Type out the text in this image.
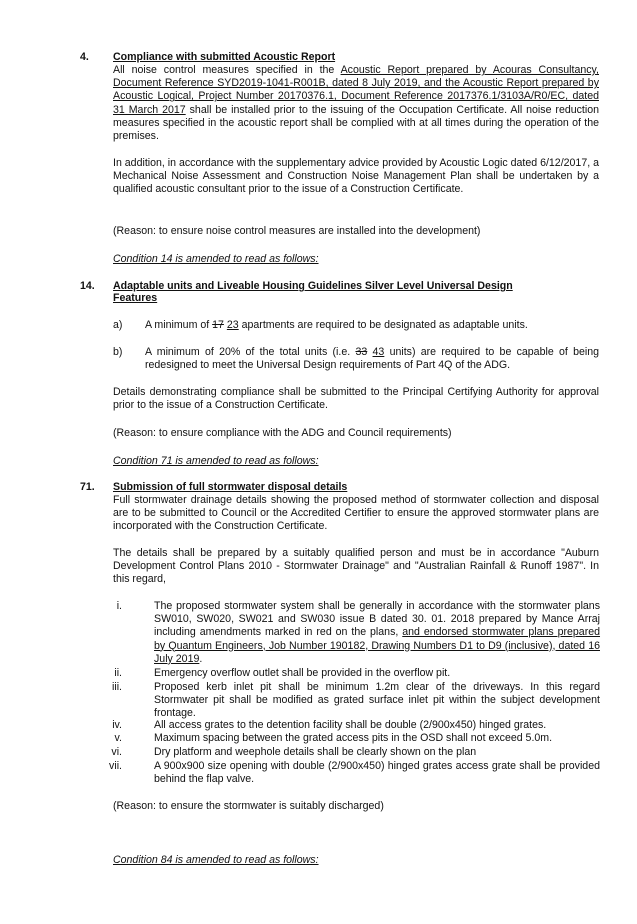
4. Compliance with submitted Acoustic Report
All noise control measures specified in the Acoustic Report prepared by Acouras Consultancy, Document Reference SYD2019-1041-R001B, dated 8 July 2019, and the Acoustic Report prepared by Acoustic Logical, Project Number 20170376.1, Document Reference 2017376.1/3103A/R0/EC, dated 31 March 2017 shall be installed prior to the issuing of the Occupation Certificate. All noise reduction measures specified in the acoustic report shall be complied with at all times during the operation of the premises.
In addition, in accordance with the supplementary advice provided by Acoustic Logic dated 6/12/2017, a Mechanical Noise Assessment and Construction Noise Management Plan shall be undertaken by a qualified acoustic consultant prior to the issue of a Construction Certificate.
(Reason: to ensure noise control measures are installed into the development)
Condition 14 is amended to read as follows:
14. Adaptable units and Liveable Housing Guidelines Silver Level Universal Design
Features
a) A minimum of 17 23 apartments are required to be designated as adaptable units.
b) A minimum of 20% of the total units (i.e. 33 43 units) are required to be capable of being redesigned to meet the Universal Design requirements of Part 4Q of the ADG.
Details demonstrating compliance shall be submitted to the Principal Certifying Authority for approval prior to the issue of a Construction Certificate.
(Reason: to ensure compliance with the ADG and Council requirements)
Condition 71 is amended to read as follows:
71. Submission of full stormwater disposal details
Full stormwater drainage details showing the proposed method of stormwater collection and disposal are to be submitted to Council or the Accredited Certifier to ensure the approved stormwater plans are incorporated with the Construction Certificate.
The details shall be prepared by a suitably qualified person and must be in accordance "Auburn Development Control Plans 2010 - Stormwater Drainage" and "Australian Rainfall & Runoff 1987". In this regard,
i.	The proposed stormwater system shall be generally in accordance with the stormwater plans SW010, SW020, SW021 and SW030 issue B dated 30. 01. 2018 prepared by Mance Arraj including amendments marked in red on the plans, and endorsed stormwater plans prepared by Quantum Engineers, Job Number 190182, Drawing Numbers D1 to D9 (inclusive), dated 16 July 2019.
ii.	Emergency overflow outlet shall be provided in the overflow pit.
iii.	Proposed kerb inlet pit shall be minimum 1.2m clear of the driveways. In this regard Stormwater pit shall be modified as grated surface inlet pit within the subject development frontage.
iv.	All access grates to the detention facility shall be double (2/900x450) hinged grates.
v.	Maximum spacing between the grated access pits in the OSD shall not exceed 5.0m.
vi.	Dry platform and weephole details shall be clearly shown on the plan
vii.	A 900x900 size opening with double (2/900x450) hinged grates access grate shall be provided behind the flap valve.
(Reason: to ensure the stormwater is suitably discharged)
Condition 84 is amended to read as follows:
